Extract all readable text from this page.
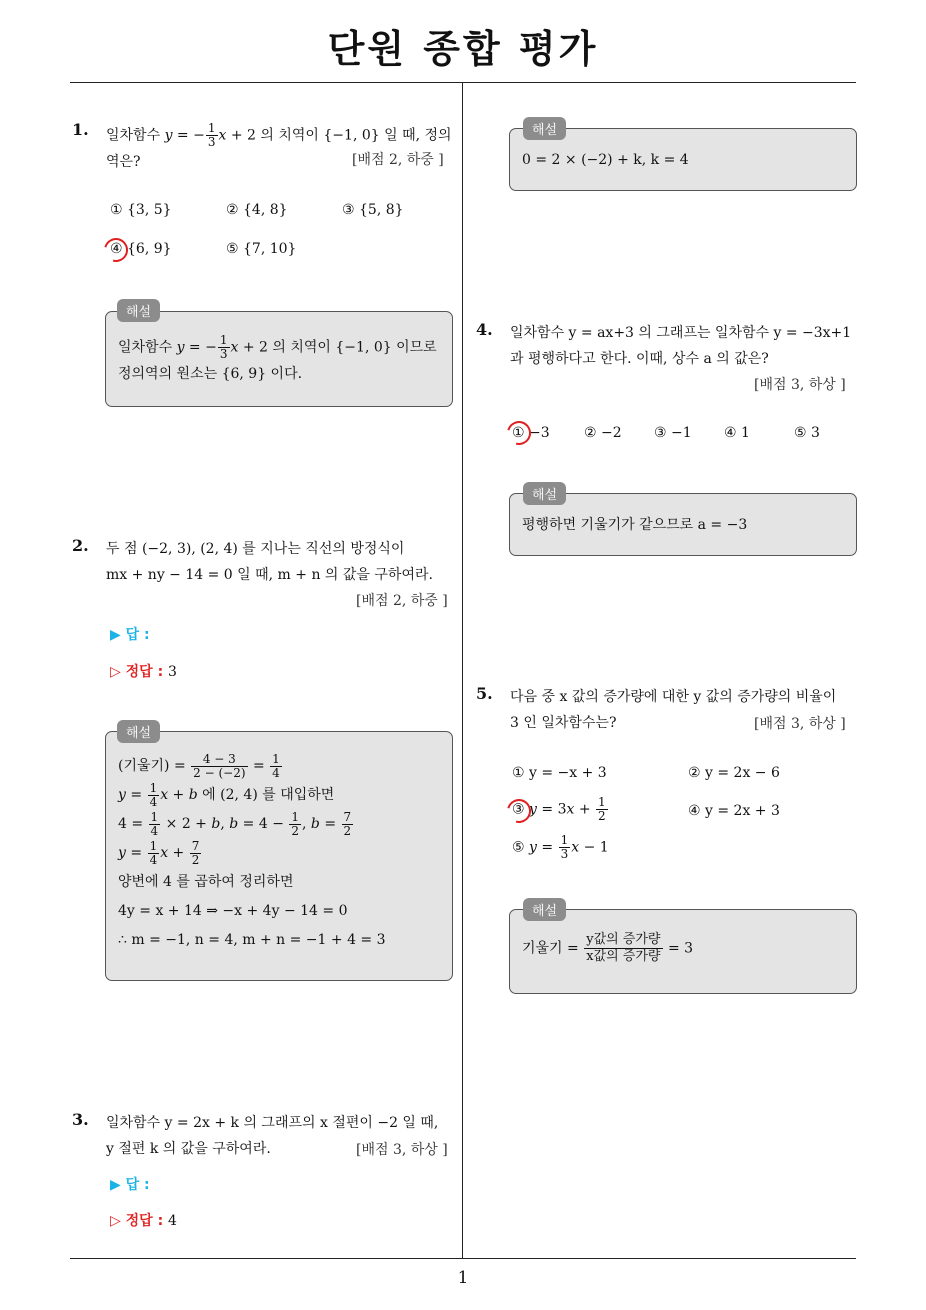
단원 종합 평가
1
1. 일차함수 y = − $\frac{1}{3}$ x + 2 의 치역이 {−1, 0} 일 때, 정의
역은?	[배점 2, 하중 ]
① {3, 5}	② {4, 8}	③ {5, 8}
④ {6, 9}	⑤ {7, 10}
일차함수 y = − $\frac{1}{3}$ x + 2 의 치역이 {−1, 0} 이므로
정의역의 원소는 {6, 9} 이다.
해설
2. 두 점 (−2, 3), (2, 4) 를 지나는 직선의 방정식이
mx + ny − 14 = 0 일 때, m + n 의 값을 구하여라.
[배점 2, 하중 ]
▶ 답 :
▷ 정답 : 3
(기울기) = $\frac{4 - 3}{2 - (-2)} = \frac{1}{4}$
$y = \frac{1}{4}$ x + b 에 (2, 4) 를 대입하면
$4 = \frac{1}{4} \times 2 + b$, $b = 4 - \frac{1}{2}$ , $b = \frac{7}{2}$
$y = \frac{1}{4}$ $x + \frac{7}{2}$
양변에 4 를 곱하여 정리하면
4y = x + 14 ⇒ −x + 4y − 14 = 0
∴ m = −1, n = 4, m + n = −1 + 4 = 3
해설
3. 일차함수 y = 2x + k 의 그래프의 x 절편이 −2 일 때,
y 절편 k 의 값을 구하여라.	[배점 3, 하상 ]
▶ 답 :
▷ 정답 : 4
0 = 2 × (−2) + k, k = 4
해설
4. 일차함수 y = ax+3 의 그래프는 일차함수 y = −3x+1
과 평행하다고 한다. 이때, 상수 a 의 값은?
[배점 3, 하상 ]
① −3 ② −2 ③ −1 ④ 1	⑤ 3
평행하면 기울기가 같으므로 a = −3
해설
5. 다음 중 x 값의 증가량에 대한 y 값의 증가량의 비율이
3 인 일차함수는?	[배점 3, 하상 ]
① y = −x + 3	② y = 2x − 6
③ $y = 3x + \frac{1}{2}$	④ y = 2x + 3
⑤ $y = \frac{1}{3}$ x − 1
기울기 = $\frac{\text{y값의 증가량}}{\text{x값의 증가량}} = 3$
해설
